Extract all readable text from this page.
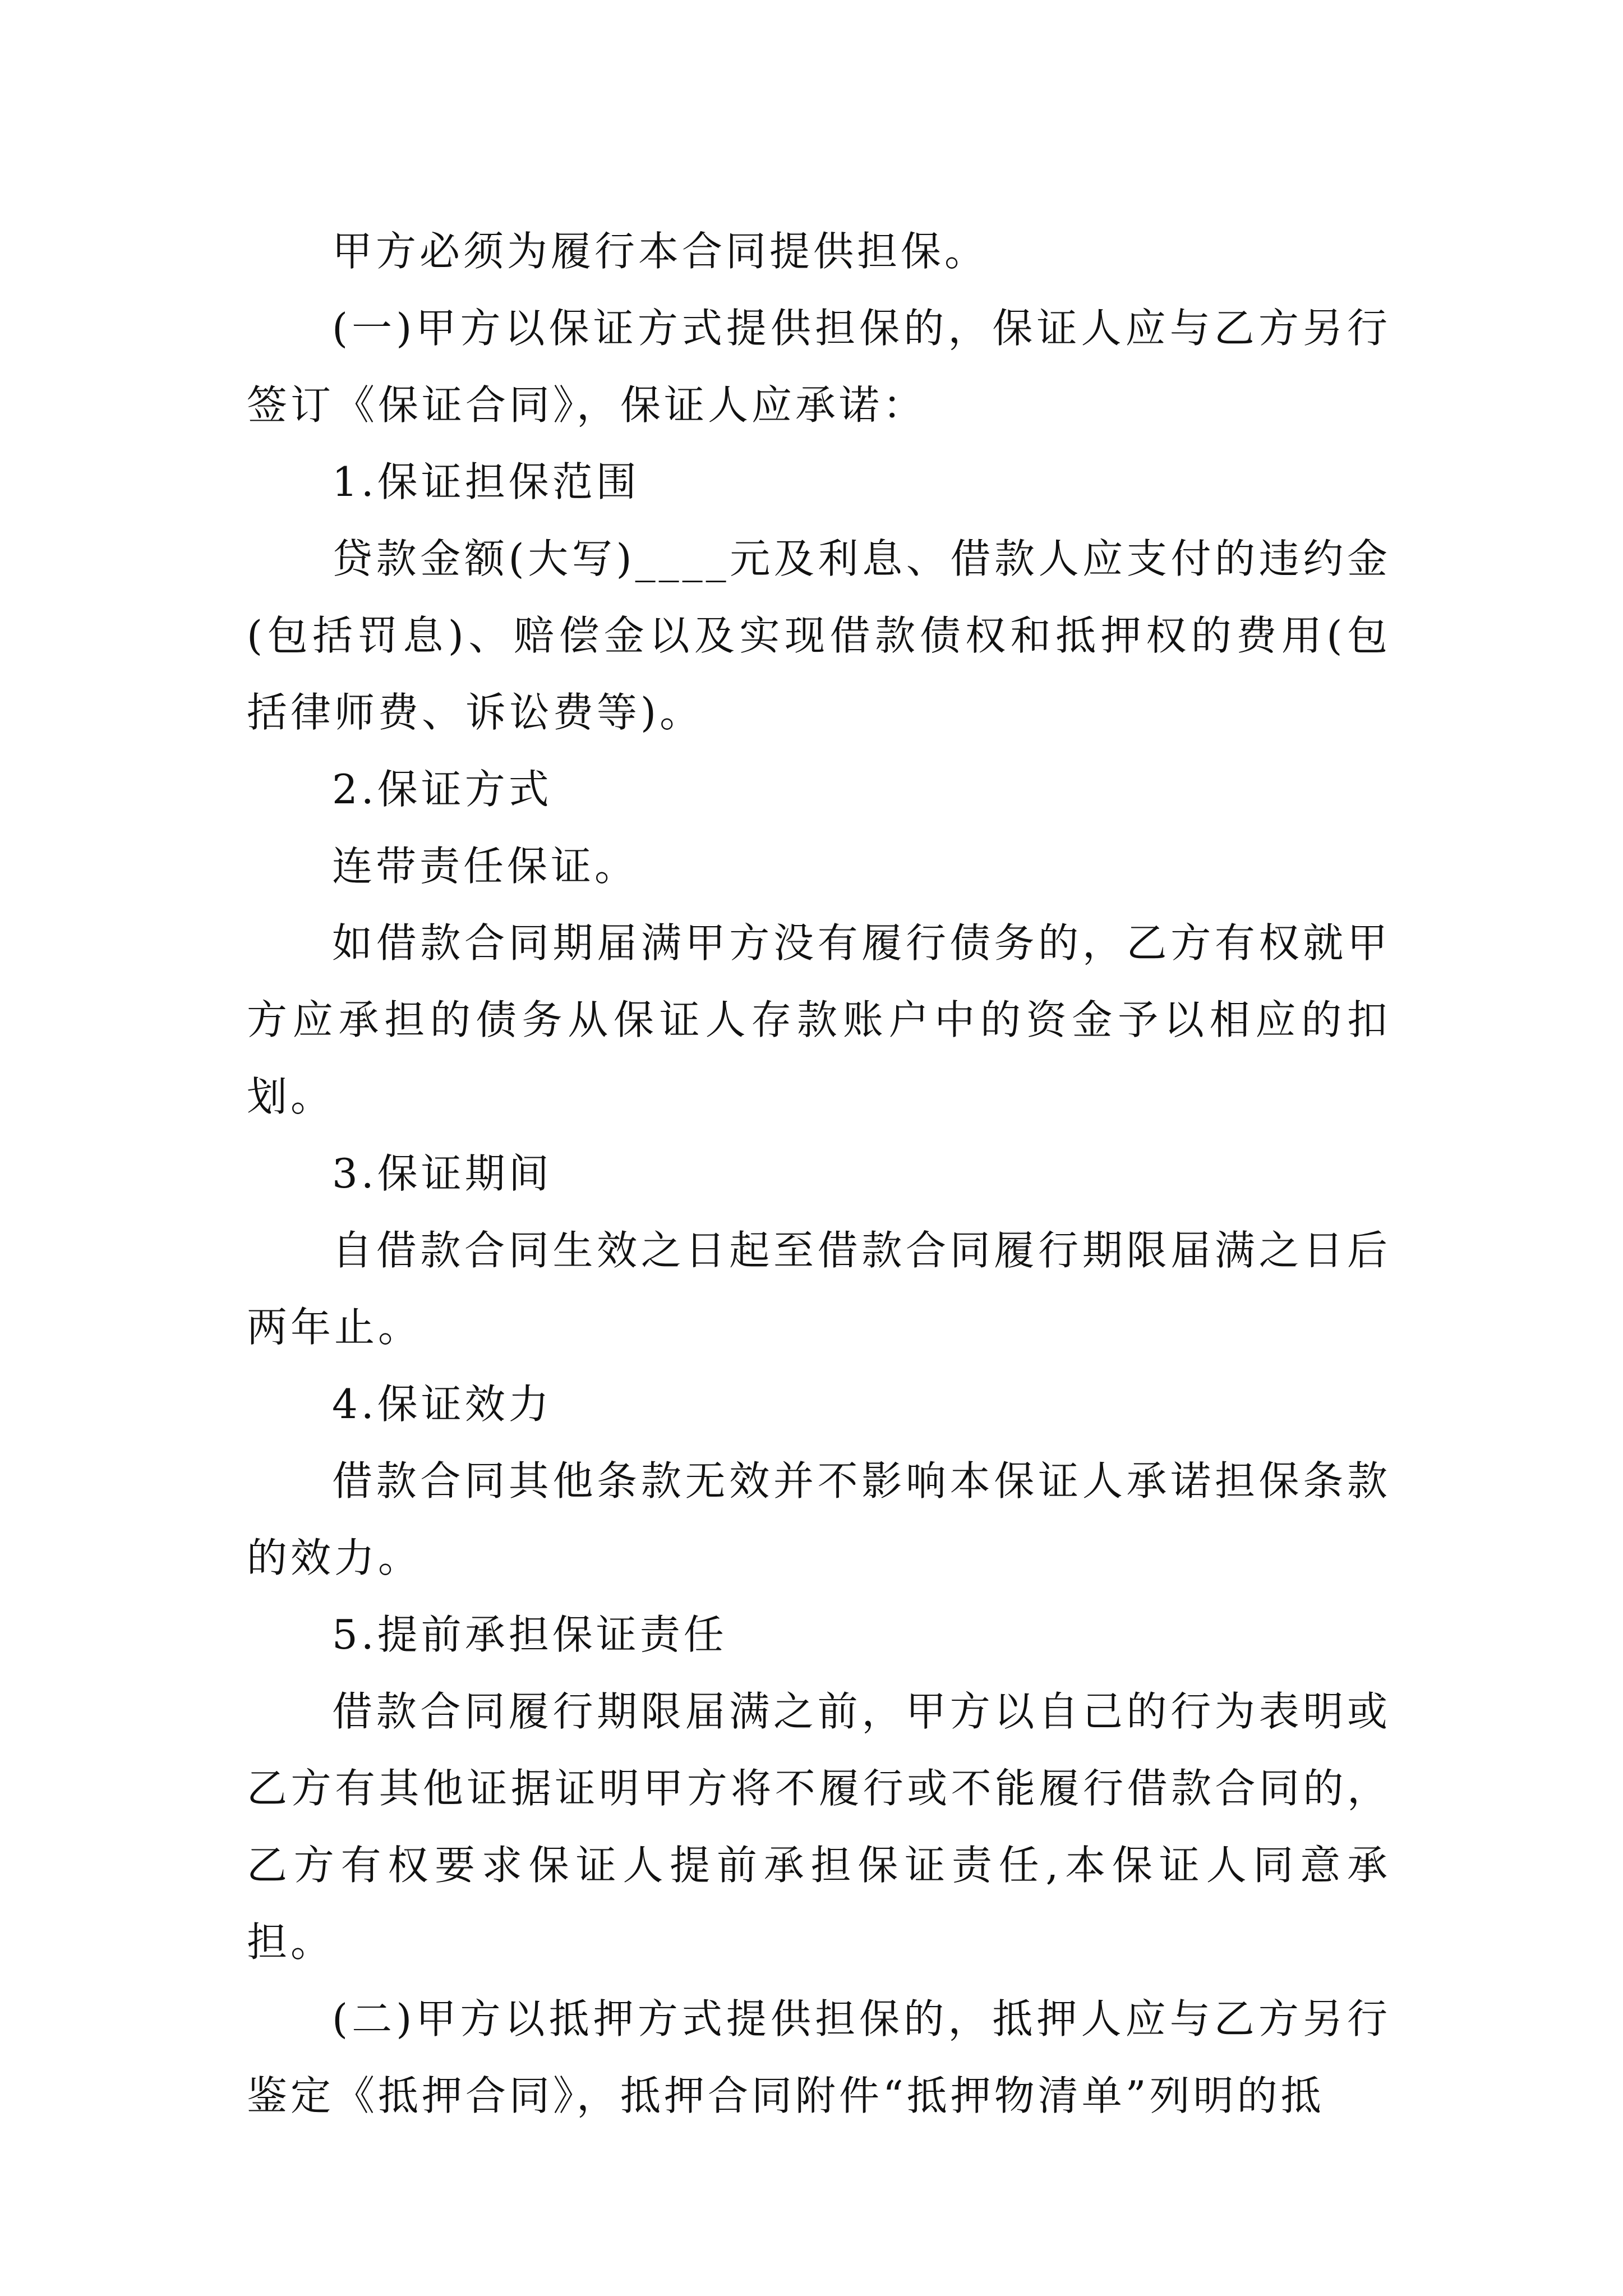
甲方必须为履行本合同提供担保。

(一)甲方以保证方式提供担保的，保证人应与乙方另行签订《保证合同》，保证人应承诺：

1.保证担保范围

贷款金额(大写)____元及利息、借款人应支付的违约金(包括罚息)、赔偿金以及实现借款债权和抵押权的费用(包括律师费、诉讼费等)。

2.保证方式

连带责任保证。

如借款合同期届满甲方没有履行债务的，乙方有权就甲方应承担的债务从保证人存款账户中的资金予以相应的扣划。

3.保证期间

自借款合同生效之日起至借款合同履行期限届满之日后两年止。

4.保证效力

借款合同其他条款无效并不影响本保证人承诺担保条款的效力。

5.提前承担保证责任

借款合同履行期限届满之前，甲方以自己的行为表明或乙方有其他证据证明甲方将不履行或不能履行借款合同的，乙方有权要求保证人提前承担保证责任,本保证人同意承担。

(二)甲方以抵押方式提供担保的，抵押人应与乙方另行鉴定《抵押合同》，抵押合同附件“抵押物清单”列明的抵
